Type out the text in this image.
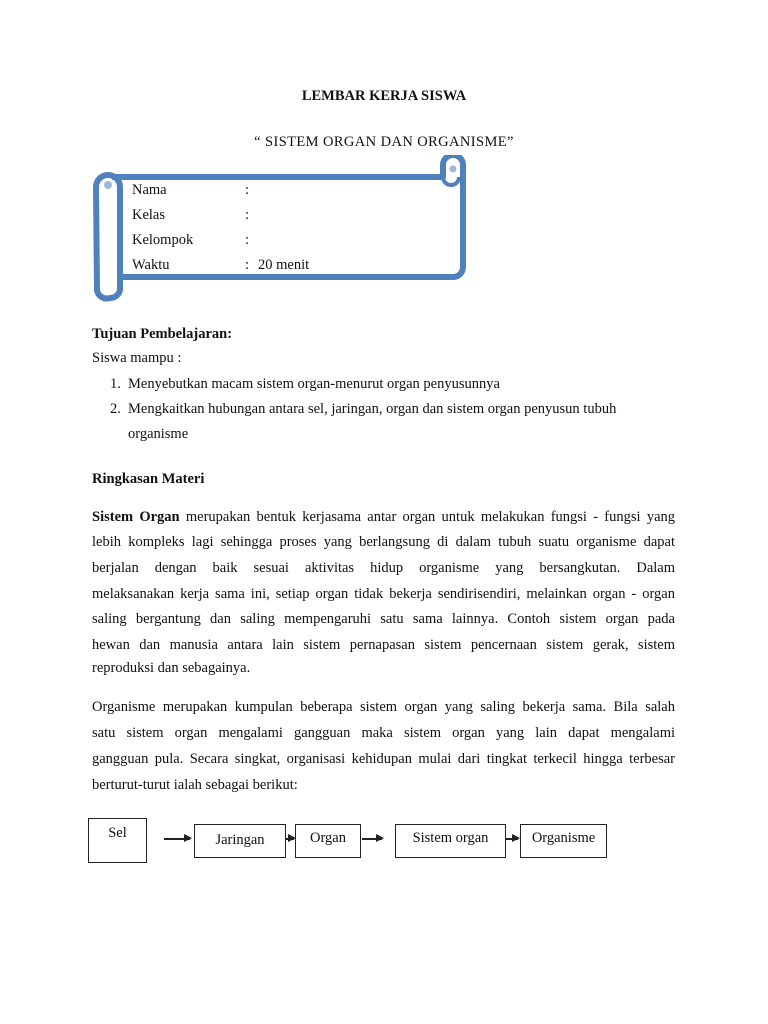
LEMBAR KERJA SISWA
“ SISTEM ORGAN DAN ORGANISME”
Nama	:
Kelas	:
Kelompok	:
Waktu	: 20 menit
Tujuan Pembelajaran:
Siswa mampu :
1. Menyebutkan macam sistem organ-menurut organ penyusunnya
2. Mengkaitkan hubungan antara sel, jaringan, organ dan sistem organ penyusun tubuh
organisme
Ringkasan Materi
Sistem Organ merupakan bentuk kerjasama antar organ untuk melakukan fungsi - fungsi yang
lebih kompleks lagi sehingga proses yang berlangsung di dalam tubuh suatu organisme dapat
berjalan dengan baik sesuai aktivitas hidup organisme yang bersangkutan. Dalam
melaksanakan kerja sama ini, setiap organ tidak bekerja sendirisendiri, melainkan organ - organ
saling bergantung dan saling mempengaruhi satu sama lainnya. Contoh sistem organ pada
hewan dan manusia antara lain sistem pernapasan sistem pencernaan sistem gerak, sistem
reproduksi dan sebagainya.
Organisme merupakan kumpulan beberapa sistem organ yang saling bekerja sama. Bila salah
satu sistem organ mengalami gangguan maka sistem organ yang lain dapat mengalami
gangguan pula. Secara singkat, organisasi kehidupan mulai dari tingkat terkecil hingga terbesar
berturut-turut ialah sebagai berikut:
Sel	Jaringan	Organ	Sistem organ	Organisme
